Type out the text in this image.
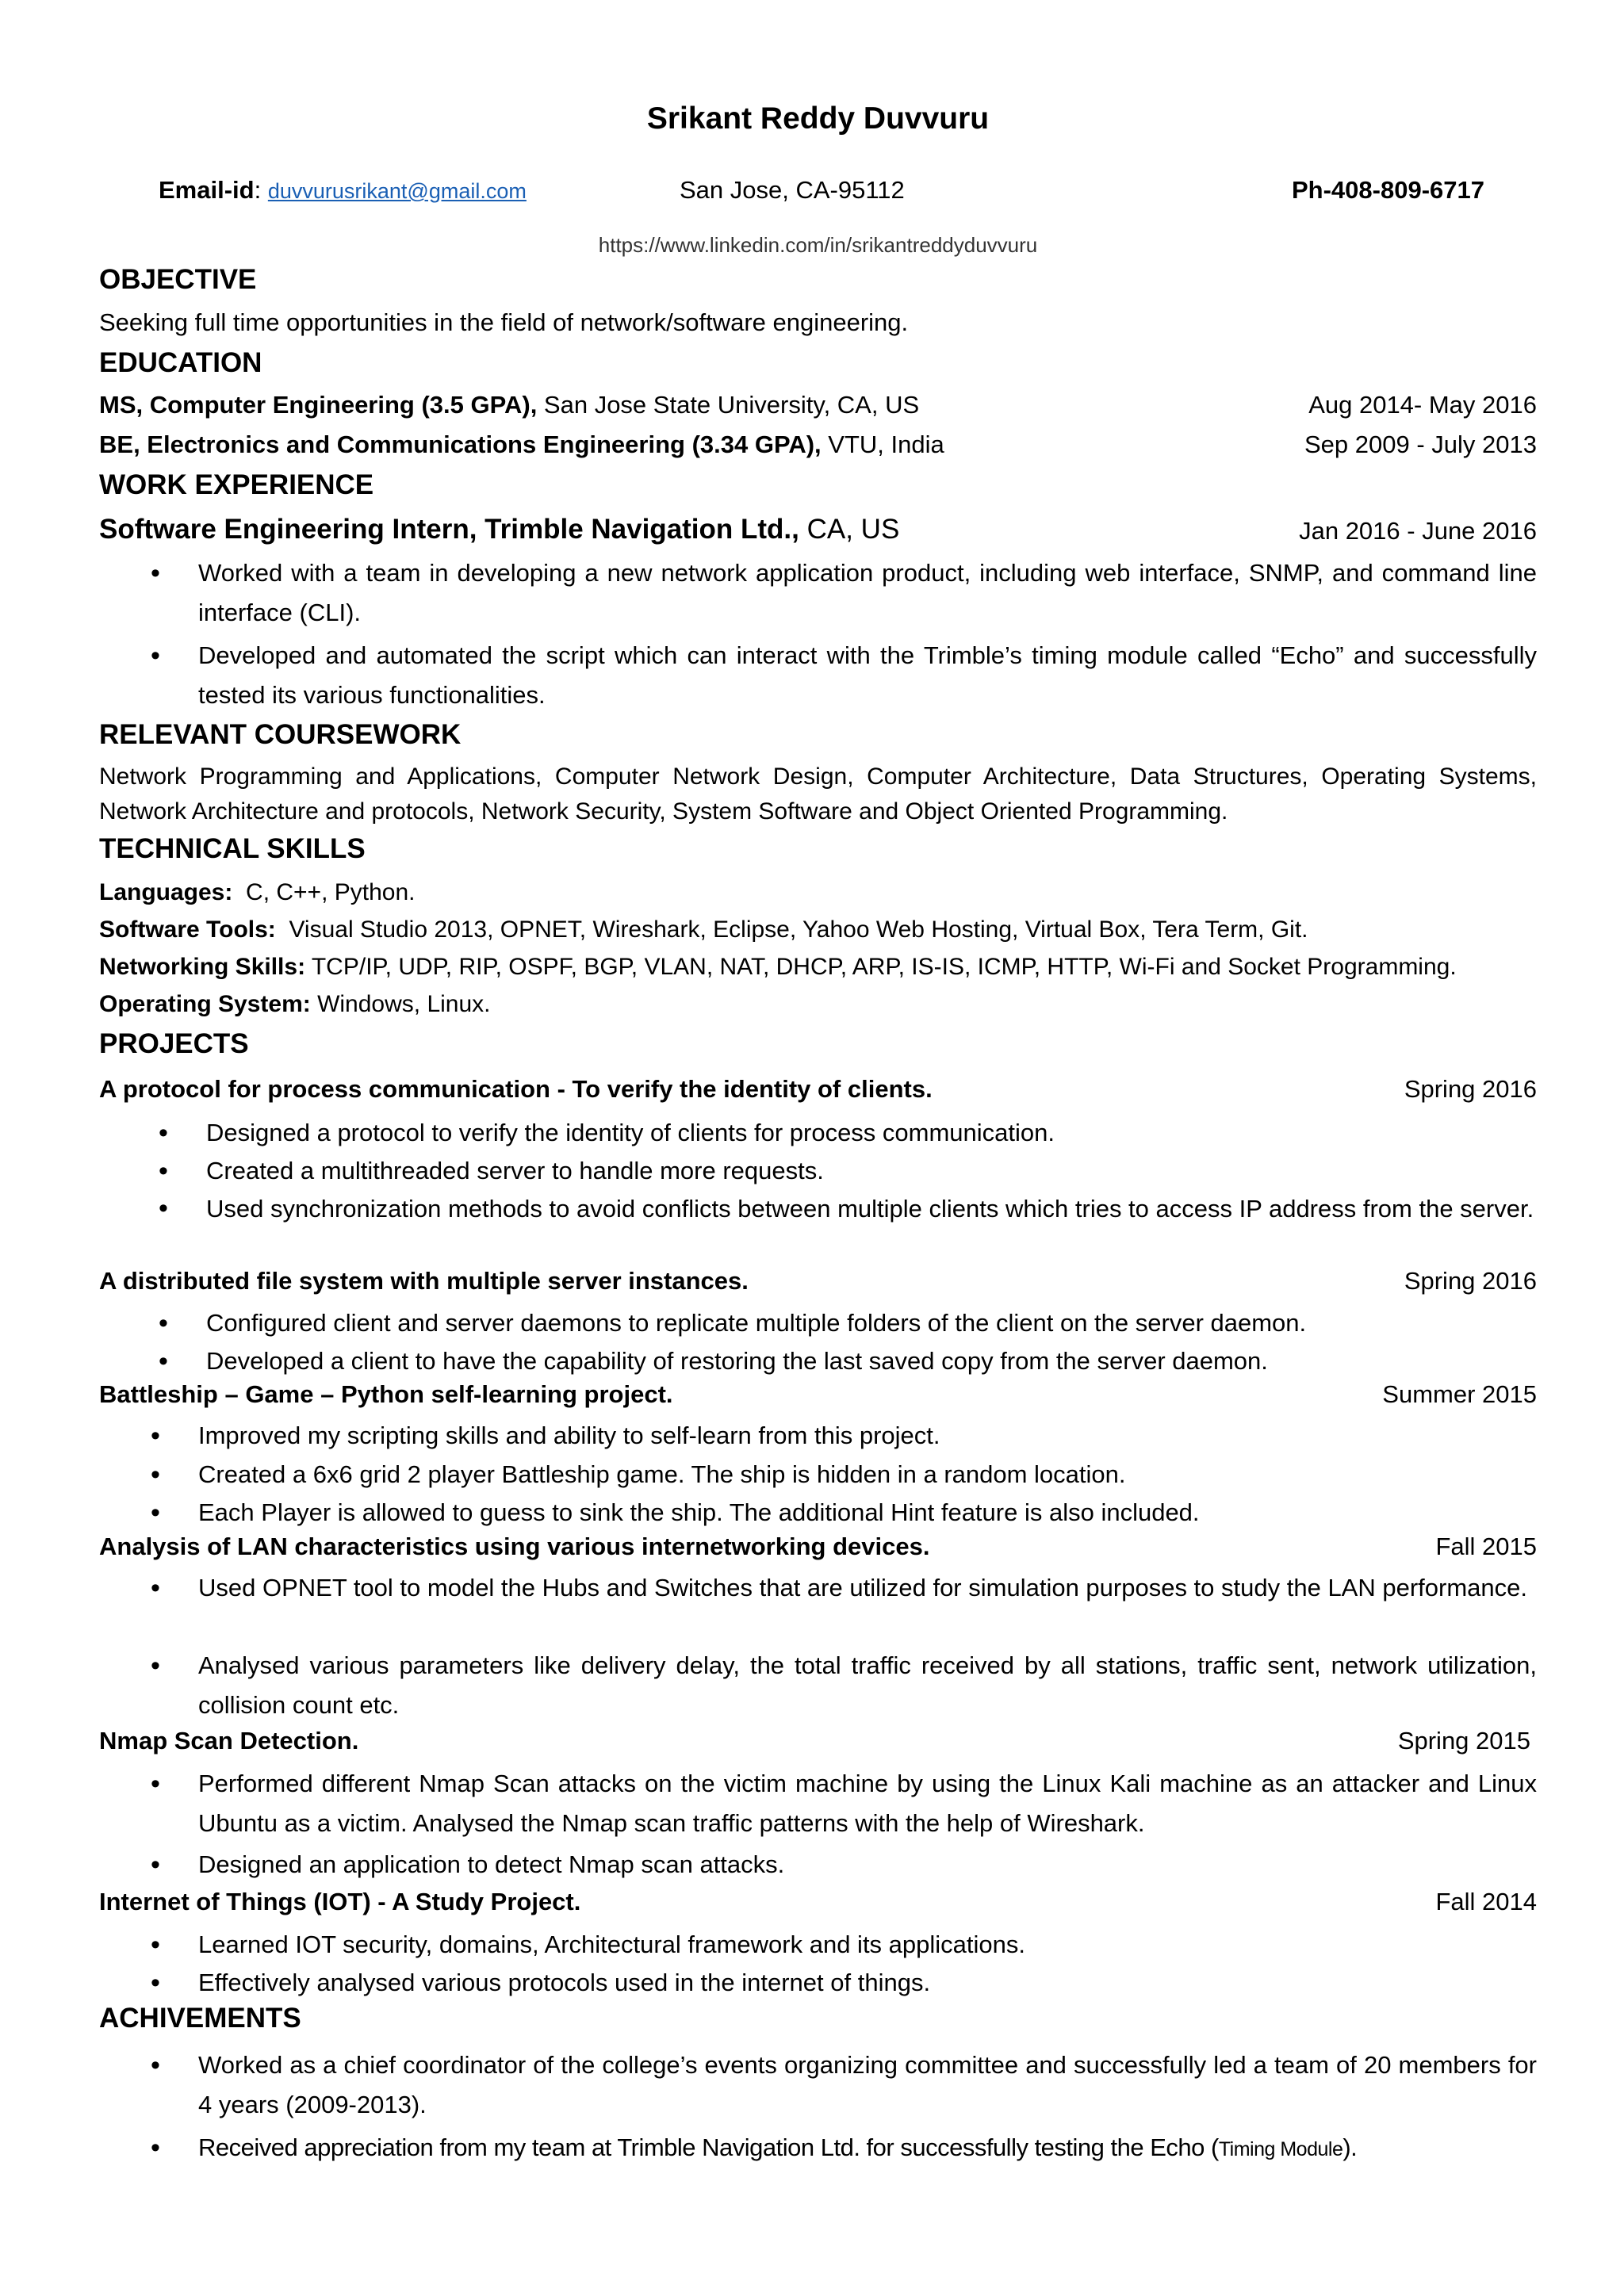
Srikant Reddy Duvvuru
Email-id: duvvurusrikant@gmail.com	San Jose, CA-95112	Ph-408-809-6717
https://www.linkedin.com/in/srikantreddyduvvuru
OBJECTIVE
Seeking full time opportunities in the field of network/software engineering.
EDUCATION
MS, Computer Engineering (3.5 GPA), San Jose State University, CA, US	Aug 2014- May 2016
BE, Electronics and Communications Engineering (3.34 GPA), VTU, India	Sep 2009 - July 2013
WORK EXPERIENCE
Software Engineering Intern, Trimble Navigation Ltd., CA, US	Jan 2016 - June 2016
• Worked with a team in developing a new network application product, including web interface, SNMP, and command line interface (CLI).
• Developed and automated the script which can interact with the Trimble’s timing module called “Echo” and successfully tested its various functionalities.
RELEVANT COURSEWORK
Network Programming and Applications, Computer Network Design, Computer Architecture, Data Structures, Operating Systems, Network Architecture and protocols, Network Security, System Software and Object Oriented Programming.
TECHNICAL SKILLS
Languages:  C, C++, Python.
Software Tools:  Visual Studio 2013, OPNET, Wireshark, Eclipse, Yahoo Web Hosting, Virtual Box, Tera Term, Git.
Networking Skills: TCP/IP, UDP, RIP, OSPF, BGP, VLAN, NAT, DHCP, ARP, IS-IS, ICMP, HTTP, Wi-Fi and Socket Programming.
Operating System: Windows, Linux.
PROJECTS
A protocol for process communication - To verify the identity of clients.	Spring 2016
• Designed a protocol to verify the identity of clients for process communication.
• Created a multithreaded server to handle more requests.
• Used synchronization methods to avoid conflicts between multiple clients which tries to access IP address from the server.
A distributed file system with multiple server instances.	Spring 2016
• Configured client and server daemons to replicate multiple folders of the client on the server daemon.
• Developed a client to have the capability of restoring the last saved copy from the server daemon.
Battleship – Game – Python self-learning project.	Summer 2015
• Improved my scripting skills and ability to self-learn from this project.
• Created a 6x6 grid 2 player Battleship game. The ship is hidden in a random location.
• Each Player is allowed to guess to sink the ship. The additional Hint feature is also included.
Analysis of LAN characteristics using various internetworking devices.	Fall 2015
• Used OPNET tool to model the Hubs and Switches that are utilized for simulation purposes to study the LAN performance.
• Analysed various parameters like delivery delay, the total traffic received by all stations, traffic sent, network utilization, collision count etc.
Nmap Scan Detection.	Spring 2015
• Performed different Nmap Scan attacks on the victim machine by using the Linux Kali machine as an attacker and Linux Ubuntu as a victim. Analysed the Nmap scan traffic patterns with the help of Wireshark.
• Designed an application to detect Nmap scan attacks.
Internet of Things (IOT) - A Study Project.	Fall 2014
• Learned IOT security, domains, Architectural framework and its applications.
• Effectively analysed various protocols used in the internet of things.
ACHIVEMENTS
• Worked as a chief coordinator of the college’s events organizing committee and successfully led a team of 20 members for 4 years (2009-2013).
• Received appreciation from my team at Trimble Navigation Ltd. for successfully testing the Echo (Timing Module).
